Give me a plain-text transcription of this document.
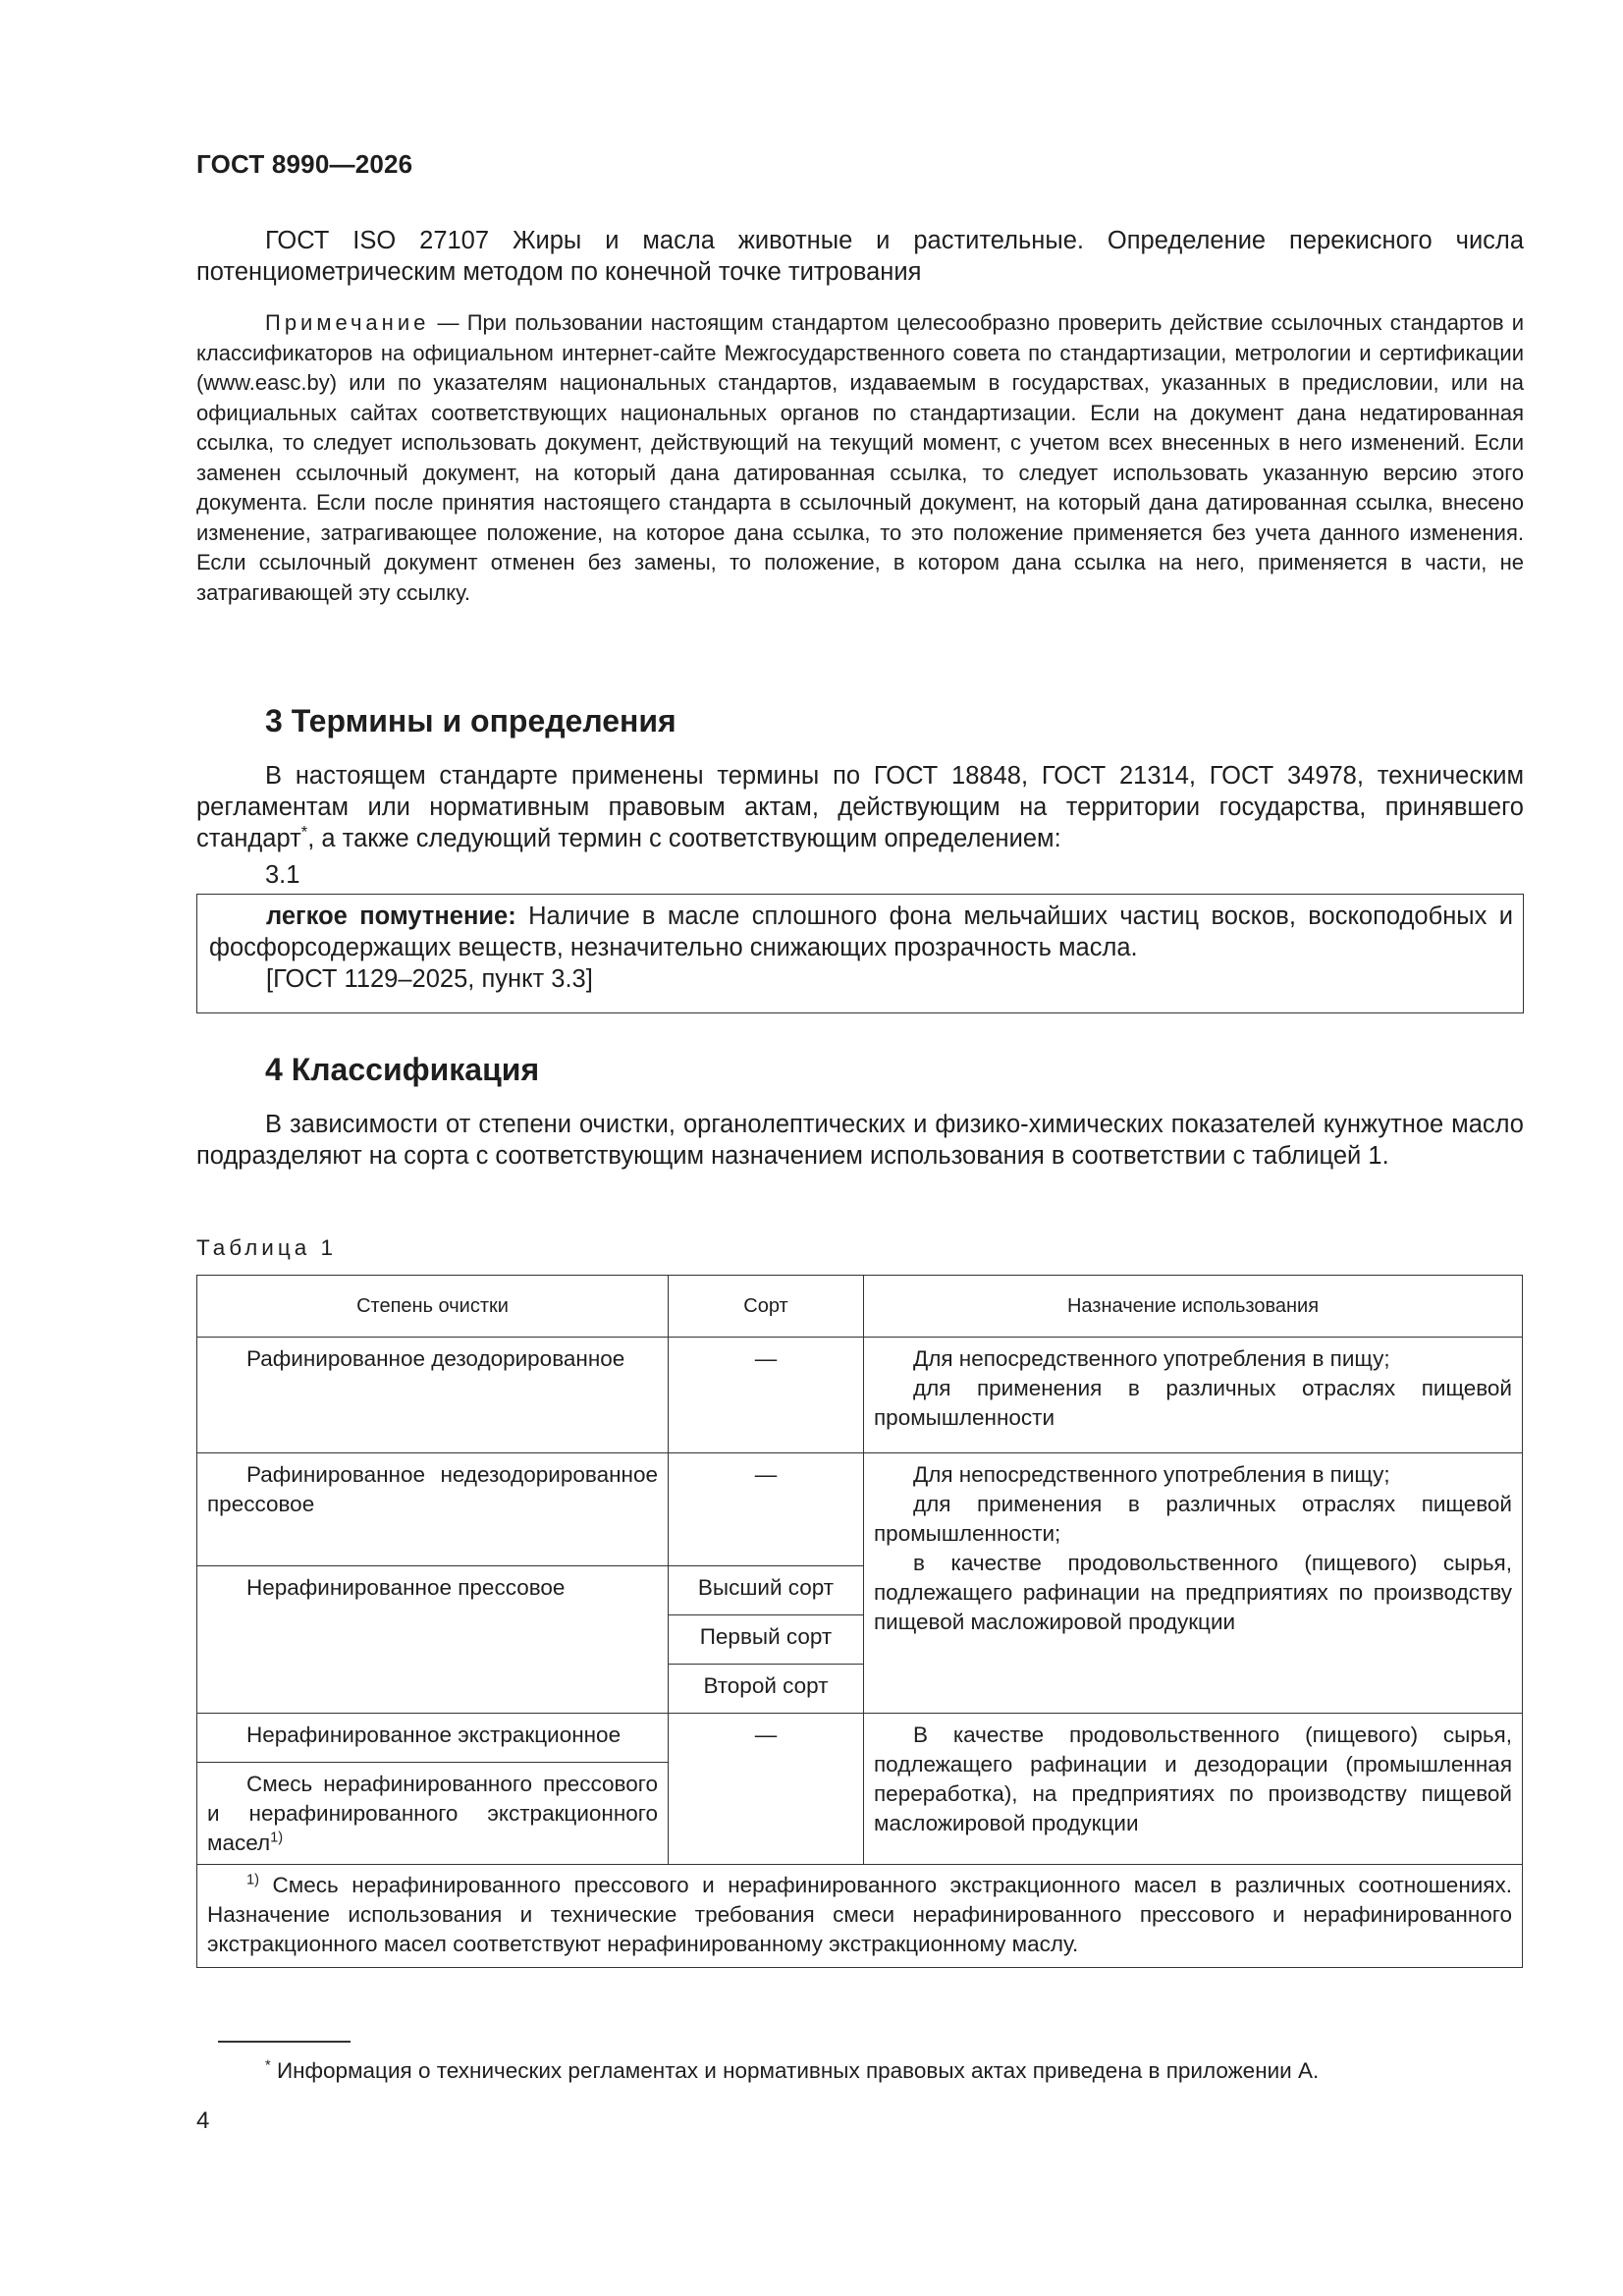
ГОСТ 8990—2026

ГОСТ ISO 27107 Жиры и масла животные и растительные. Определение перекисного числа потенциометрическим методом по конечной точке титрования

Примечание — При пользовании настоящим стандартом целесообразно проверить действие ссылочных стандартов и классификаторов на официальном интернет-сайте Межгосударственного совета по стандартизации, метрологии и сертификации (www.easc.by) или по указателям национальных стандартов, издаваемым в государствах, указанных в предисловии, или на официальных сайтах соответствующих национальных органов по стандартизации. Если на документ дана недатированная ссылка, то следует использовать документ, действующий на текущий момент, с учетом всех внесенных в него изменений. Если заменен ссылочный документ, на который дана датированная ссылка, то следует использовать указанную версию этого документа. Если после принятия настоящего стандарта в ссылочный документ, на который дана датированная ссылка, внесено изменение, затрагивающее положение, на которое дана ссылка, то это положение применяется без учета данного изменения. Если ссылочный документ отменен без замены, то положение, в котором дана ссылка на него, применяется в части, не затрагивающей эту ссылку.

3 Термины и определения

В настоящем стандарте применены термины по ГОСТ 18848, ГОСТ 21314, ГОСТ 34978, техническим регламентам или нормативным правовым актам, действующим на территории государства, принявшего стандарт*, а также следующий термин с соответствующим определением:

3.1

легкое помутнение: Наличие в масле сплошного фона мельчайших частиц восков, воскоподобных и фосфорсодержащих веществ, незначительно снижающих прозрачность масла.

[ГОСТ 1129–2025, пункт 3.3]

4 Классификация

В зависимости от степени очистки, органолептических и физико-химических показателей кунжутное масло подразделяют на сорта с соответствующим назначением использования в соответствии с таблицей 1.

Таблица 1
Степень очистки	Сорт	Назначение использования
Рафинированное дезодорированное	—	Для непосредственного употребления в пищу;
для применения в различных отраслях пищевой промышленности

Рафинированное недезодорированное прессовое	—	Для непосредственного употребления в пищу;
для применения в различных отраслях пищевой промышленности;
в качестве продовольственного (пищевого) сырья, подлежащего рафинации на предприятиях по производству пищевой масложировой продукции

Нерафинированное прессовое	Высший сорт	
	Первый сорт	
	Второй сорт	
Нерафинированное экстракционное	—	В качестве продовольственного (пищевого) сырья, подлежащего рафинации и дезодорации (промышленная переработка), на предприятиях по производству пищевой масложировой продукции

Смесь нерафинированного прессового и нерафинированного экстракционного масел$^{1)}$
$^{1)}$ Смесь нерафинированного прессового и нерафинированного экстракционного масел в различных соотношениях. Назначение использования и технические требования смеси нерафинированного прессового и нерафинированного экстракционного масел соответствуют нерафинированному экстракционному маслу.		
* Информация о технических регламентах и нормативных правовых актах приведена в приложении А.
4
